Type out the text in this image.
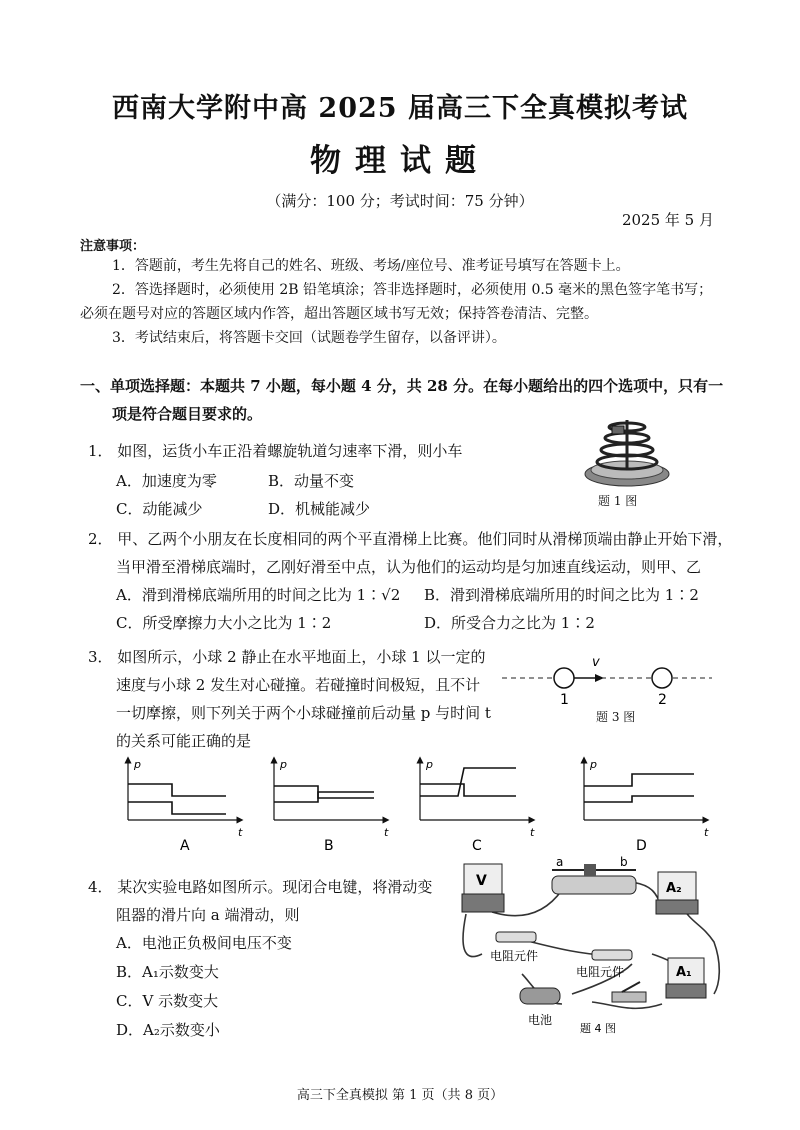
西南大学附中高 2025 届高三下全真模拟考试
物理试题
（满分：100 分；考试时间：75 分钟）
2025 年 5 月
注意事项：
1．答题前，考生先将自己的姓名、班级、考场/座位号、准考证号填写在答题卡上。
2．答选择题时，必须使用 2B 铅笔填涂；答非选择题时，必须使用 0.5 毫米的黑色签字笔书写；
必须在题号对应的答题区域内作答，超出答题区域书写无效；保持答卷清洁、完整。
3．考试结束后，将答题卡交回（试题卷学生留存，以备评讲）。
一、单项选择题：本题共 7 小题，每小题 4 分，共 28 分。在每小题给出的四个选项中，只有一
项是符合题目要求的。
1． 如图，运货小车正沿着螺旋轨道匀速率下滑，则小车
A．加速度为零	B．动量不变
C．动能减少	D．机械能减少	题 1 图
2． 甲、乙两个小朋友在长度相同的两个平直滑梯上比赛。他们同时从滑梯顶端由静止开始下滑，
当甲滑至滑梯底端时，乙刚好滑至中点，认为他们的运动均是匀加速直线运动，则甲、乙
A．滑到滑梯底端所用的时间之比为 1∶√2 B．滑到滑梯底端所用的时间之比为 1∶2
C．所受摩擦力大小之比为 1∶2	D．所受合力之比为 1∶2
3． 如图所示，小球 2 静止在水平地面上，小球 1 以一定的
速度与小球 2 发生对心碰撞。若碰撞时间极短，且不计
一切摩擦，则下列关于两个小球碰撞前后动量 p 与时间 t
的关系可能正确的是
v
1	2
题 3 图
p
t
p
t
p
t
p
t
A	B	C	D
4． 某次实验电路如图所示。现闭合电键，将滑动变
阻器的滑片向 a 端滑动，则
A．电池正负极间电压不变
B．A₁示数变大
C．V 示数变大
D．A₂示数变小
V
a	b
A₂
电阻元件
电阻元件	A₁
电池
题 4 图
高三下全真模拟 第 1 页（共 8 页）
